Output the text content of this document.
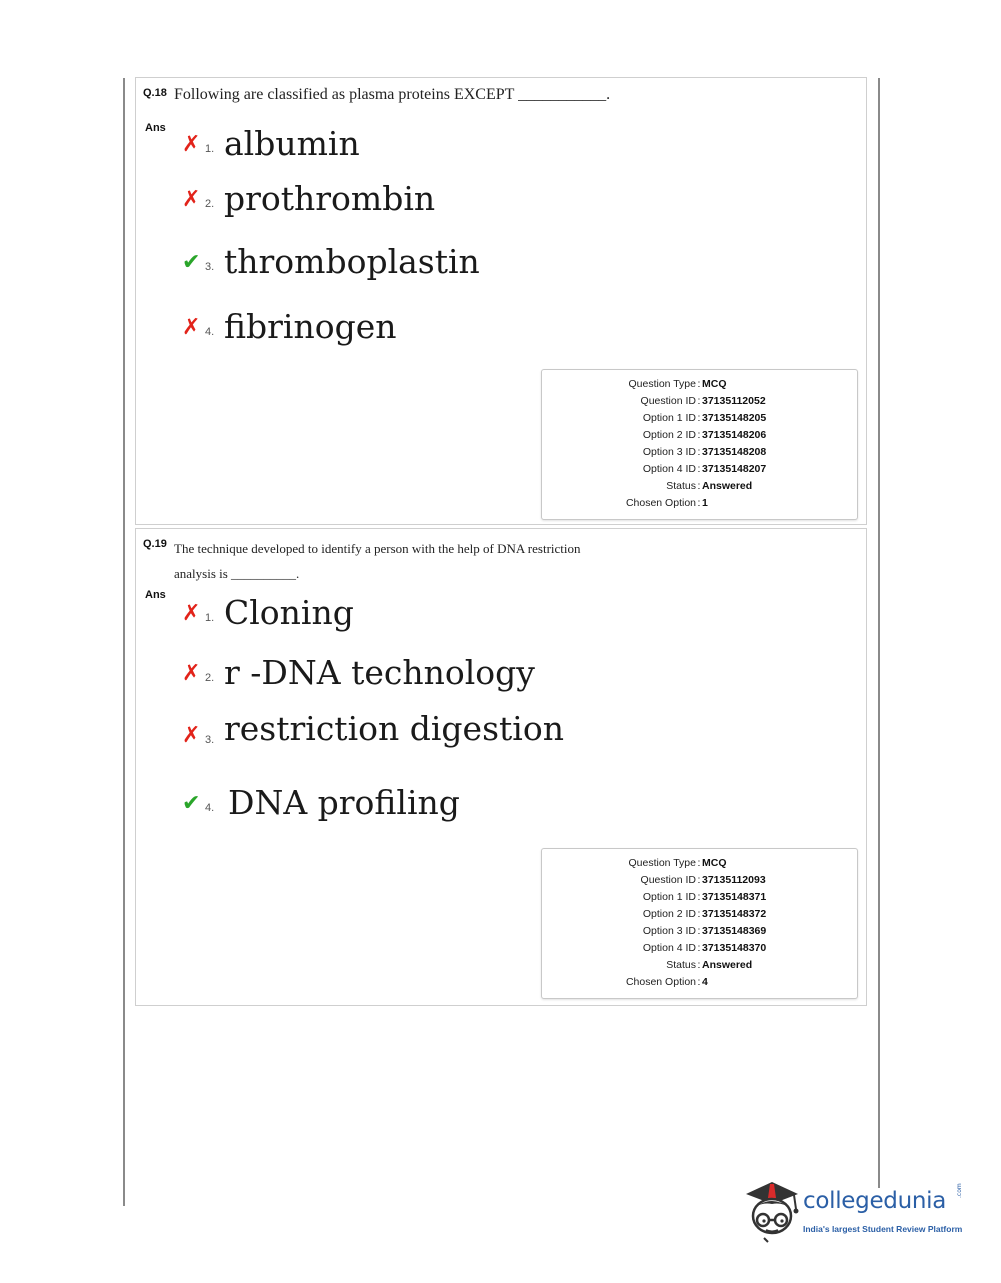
Q.18 Following are classified as plasma proteins EXCEPT ___________.
Ans
✗ 1. albumin
✗ 2. prothrombin
✔ 3. thromboplastin
✗ 4. fibrinogen
Question Type : MCQ
Question ID : 37135112052
Option 1 ID : 37135148205
Option 2 ID : 37135148206
Option 3 ID : 37135148208
Option 4 ID : 37135148207
Status : Answered
Chosen Option : 1
Q.19 The technique developed to identify a person with the help of DNA restriction
analysis is __________.
Ans
✗ 1. Cloning
✗ 2. r -DNA technology
✗ 3. restriction digestion
✔ 4. DNA profiling
Question Type : MCQ
Question ID : 37135112093
Option 1 ID : 37135148371
Option 2 ID : 37135148372
Option 3 ID : 37135148369
Option 4 ID : 37135148370
Status : Answered
Chosen Option : 4
collegedunia .com
India's largest Student Review Platform
